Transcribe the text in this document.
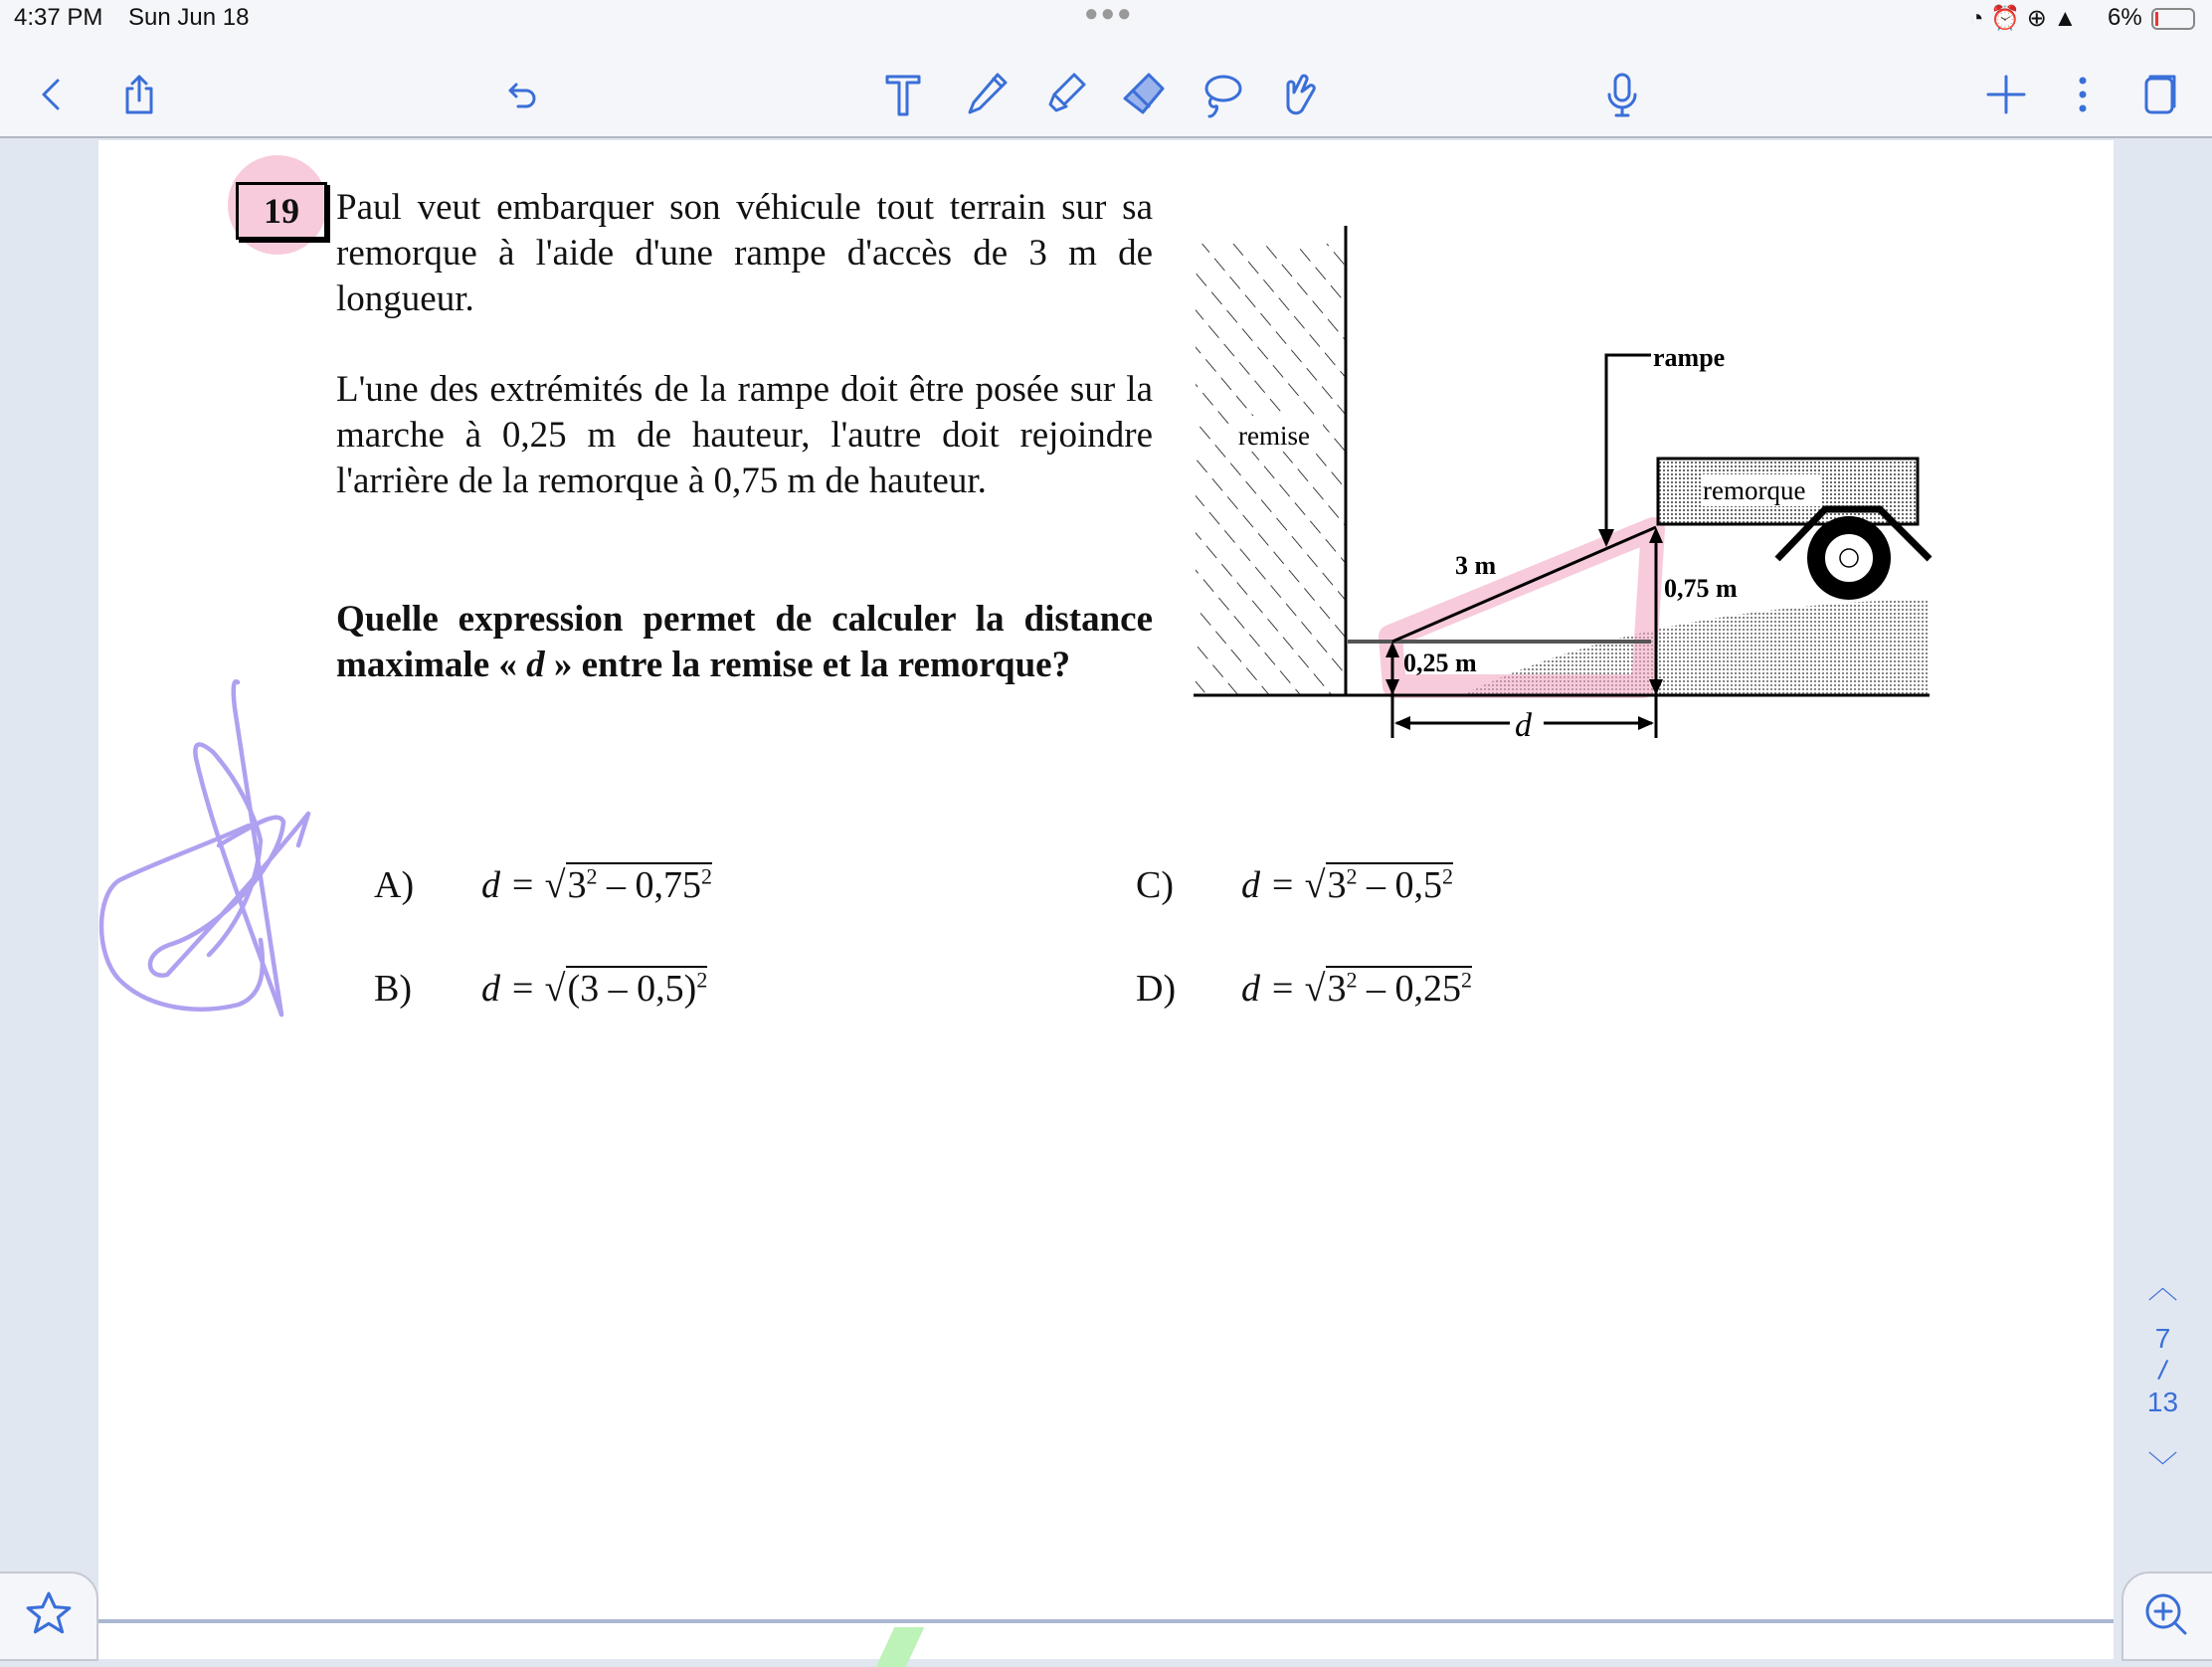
4:37 PM Sun Jun 18	●●●	◔ ⏰ ⊕ ▲ 6%
19	Paul veut embarquer son véhicule tout terrain sur sa remorque à l'aide d'une rampe d'accès de 3 m de longueur.

L'une des extrémités de la rampe doit être posée sur la marche à 0,25 m de hauteur, l'autre doit rejoindre l'arrière de la remorque à 0,75 m de hauteur.

Quelle expression permet de calculer la distance maximale « d » entre la remise et la remorque?

remise
rampe
remorque
3 m
0,75 m
0,25 m
d
A) $d = √3^2 - 0,75^2$
B) d = √(3 – 0,5)$^2$
C) $d = √3^2 - 0,5^2$
D) $d = √3^2 - 0,25^2$
︿
7
/
13
﹀
